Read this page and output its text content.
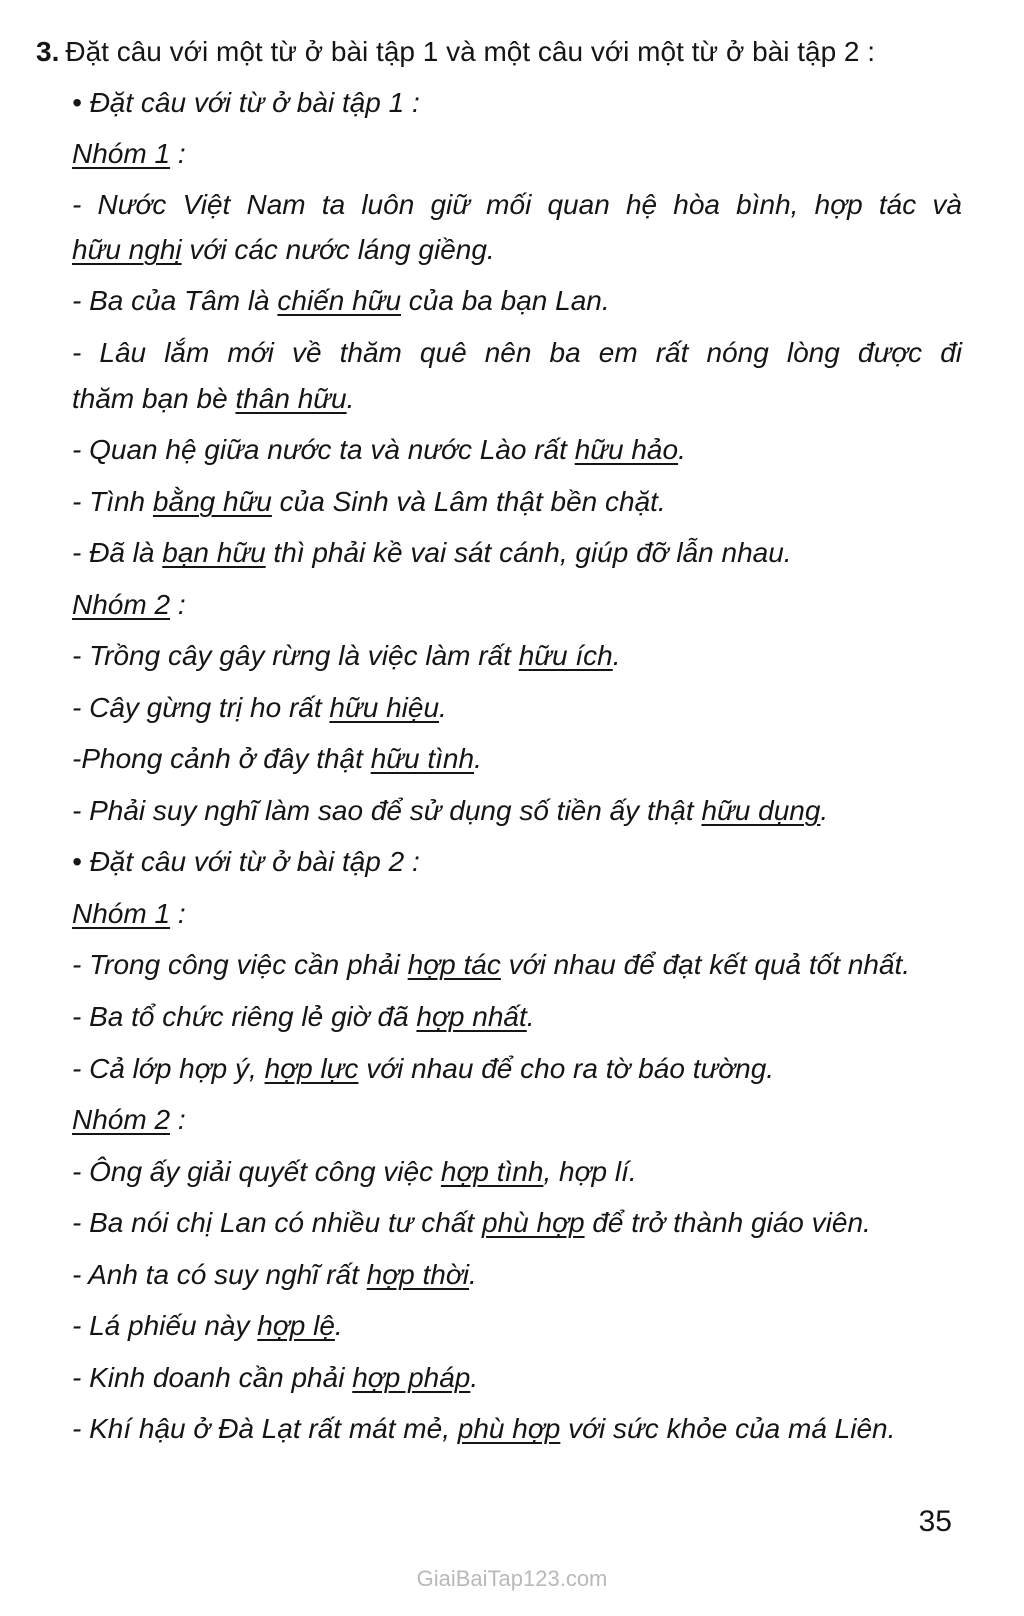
3. Đặt câu với một từ ở bài tập 1 và một câu với một từ ở bài tập 2 :
• Đặt câu với từ ở bài tập 1 :
Nhóm 1 :
- Nước Việt Nam ta luôn giữ mối quan hệ hòa bình, hợp tác và
hữu nghị với các nước láng giềng.
- Ba của Tâm là chiến hữu của ba bạn Lan.
- Lâu lắm mới về thăm quê nên ba em rất nóng lòng được đi
thăm bạn bè thân hữu.
- Quan hệ giữa nước ta và nước Lào rất hữu hảo.
- Tình bằng hữu của Sinh và Lâm thật bền chặt.
- Đã là bạn hữu thì phải kề vai sát cánh, giúp đỡ lẫn nhau.
Nhóm 2 :
- Trồng cây gây rừng là việc làm rất hữu ích.
- Cây gừng trị ho rất hữu hiệu.
-Phong cảnh ở đây thật hữu tình.
- Phải suy nghĩ làm sao để sử dụng số tiền ấy thật hữu dụng.
• Đặt câu với từ ở bài tập 2 :
Nhóm 1 :
- Trong công việc cần phải hợp tác với nhau để đạt kết quả tốt nhất.
- Ba tổ chức riêng lẻ giờ đã hợp nhất.
- Cả lớp hợp ý, hợp lực với nhau để cho ra tờ báo tường.
Nhóm 2 :
- Ông ấy giải quyết công việc hợp tình, hợp lí.
- Ba nói chị Lan có nhiều tư chất phù hợp để trở thành giáo viên.
- Anh ta có suy nghĩ rất hợp thời.
- Lá phiếu này hợp lệ.
- Kinh doanh cần phải hợp pháp.
- Khí hậu ở Đà Lạt rất mát mẻ, phù hợp với sức khỏe của má Liên.
35
GiaiBaiTap123.com
